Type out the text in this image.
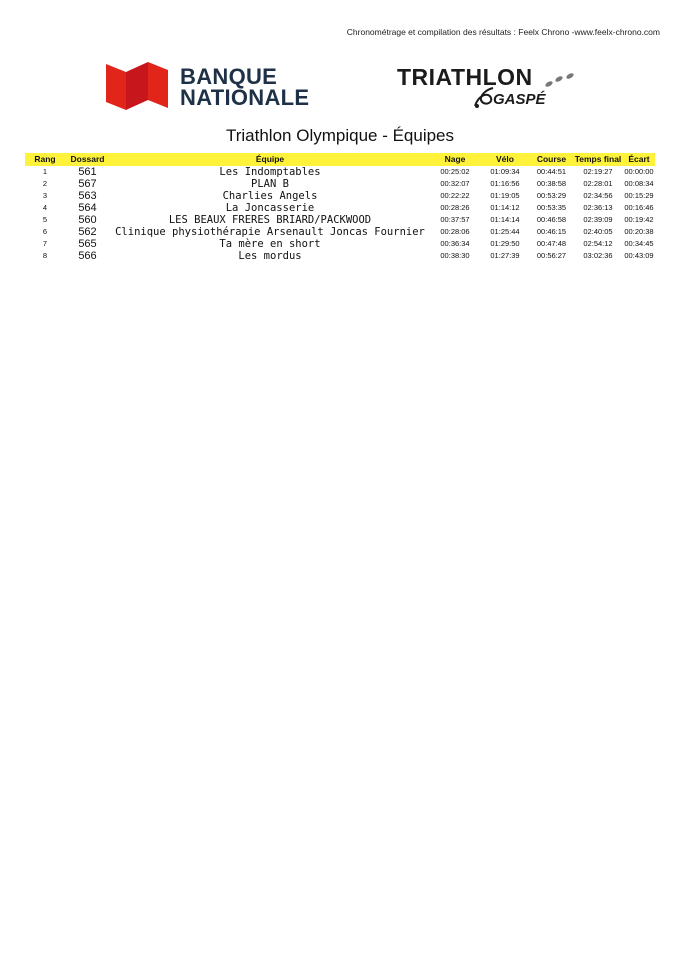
Chronométrage et compilation des résultats : Feelx Chrono -www.feelx-chrono.com
BANQUE
NATIONALE
TRIATHLON
GASPÉ
Triathlon Olympique - Équipes
Rang	Dossard	Équipe	Nage	Vélo	Course	Temps final	Écart
1	561	Les Indomptables	00:25:02	01:09:34	00:44:51	02:19:27	00:00:00
2	567	PLAN B	00:32:07	01:16:56	00:38:58	02:28:01	00:08:34
3	563	Charlies Angels	00:22:22	01:19:05	00:53:29	02:34:56	00:15:29
4	564	La Joncasserie	00:28:26	01:14:12	00:53:35	02:36:13	00:16:46
5	560	LES BEAUX FRERES BRIARD/PACKWOOD	00:37:57	01:14:14	00:46:58	02:39:09	00:19:42
6	562	Clinique physiothérapie Arsenault Joncas Fournier	00:28:06	01:25:44	00:46:15	02:40:05	00:20:38
7	565	Ta mère en short	00:36:34	01:29:50	00:47:48	02:54:12	00:34:45
8	566	Les mordus	00:38:30	01:27:39	00:56:27	03:02:36	00:43:09
